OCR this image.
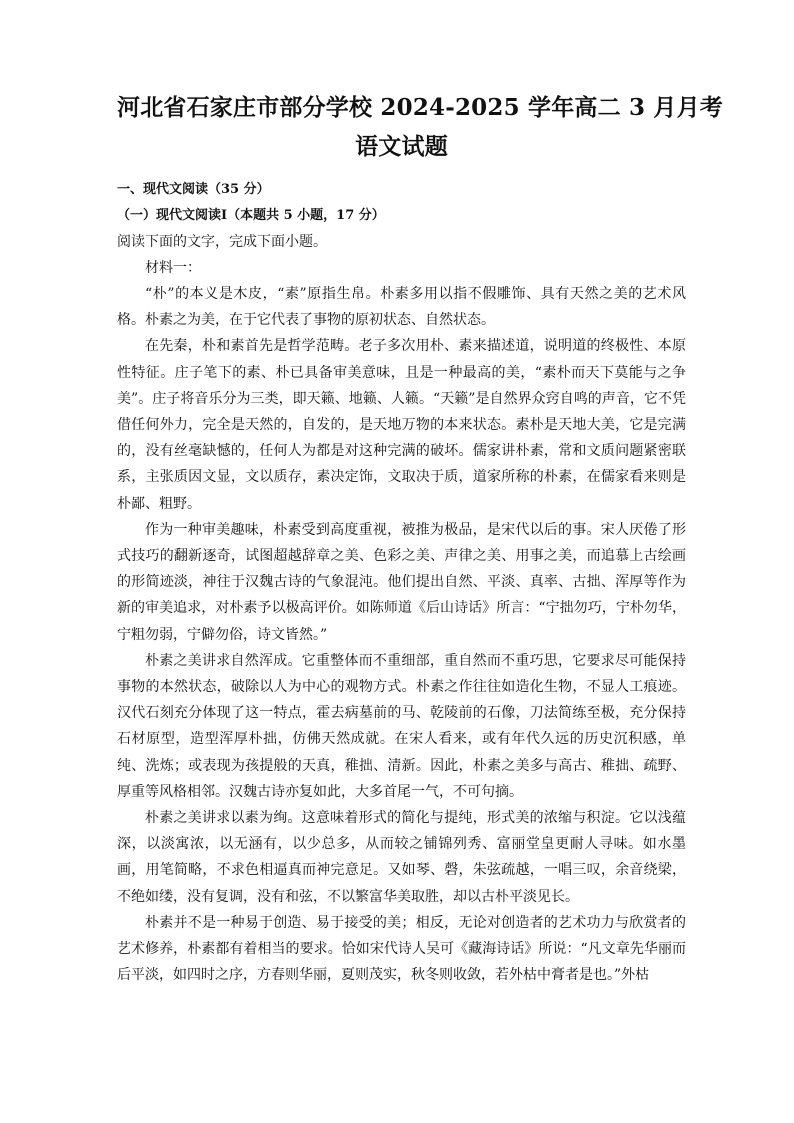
河北省石家庄市部分学校 2024-2025 学年高二 3 月月考
语文试题
一、现代文阅读（35 分）
（一）现代文阅读Ⅰ（本题共 5 小题，17 分）
阅读下面的文字，完成下面小题。
材料一：

“朴”的本义是木皮，“素”原指生帛。朴素多用以指不假雕饰、具有天然之美的艺术风格。朴素之为美，在于它代表了事物的原初状态、自然状态。

在先秦，朴和素首先是哲学范畴。老子多次用朴、素来描述道，说明道的终极性、本原性特征。庄子笔下的素、朴已具备审美意味，且是一种最高的美，“素朴而天下莫能与之争美”。庄子将音乐分为三类，即天籁、地籁、人籁。“天籁”是自然界众窍自鸣的声音，它不凭借任何外力，完全是天然的，自发的，是天地万物的本来状态。素朴是天地大美，它是完满的，没有丝毫缺憾的，任何人为都是对这种完满的破坏。儒家讲朴素，常和文质问题紧密联系，主张质因文显，文以质存，素决定饰，文取决于质，道家所称的朴素，在儒家看来则是朴鄙、粗野。

作为一种审美趣味，朴素受到高度重视，被推为极品，是宋代以后的事。宋人厌倦了形式技巧的翻新逐奇，试图超越辞章之美、色彩之美、声律之美、用事之美，而追慕上古绘画的形简迹淡，神往于汉魏古诗的气象混沌。他们提出自然、平淡、真率、古拙、浑厚等作为新的审美追求，对朴素予以极高评价。如陈师道《后山诗话》所言：“宁拙勿巧，宁朴勿华，宁粗勿弱，宁僻勿俗，诗文皆然。”

朴素之美讲求自然浑成。它重整体而不重细部，重自然而不重巧思，它要求尽可能保持事物的本然状态，破除以人为中心的观物方式。朴素之作往往如造化生物，不显人工痕迹。汉代石刻充分体现了这一特点，霍去病墓前的马、乾陵前的石像，刀法简练至极，充分保持石材原型，造型浑厚朴拙，仿佛天然成就。在宋人看来，或有年代久远的历史沉积感，单纯、洗炼；或表现为孩提般的天真，稚拙、清新。因此，朴素之美多与高古、稚拙、疏野、厚重等风格相邻。汉魏古诗亦复如此，大多首尾一气，不可句摘。

朴素之美讲求以素为绚。这意味着形式的简化与提纯，形式美的浓缩与积淀。它以浅蕴深，以淡寓浓，以无涵有，以少总多，从而较之铺锦列秀、富丽堂皇更耐人寻味。如水墨画，用笔简略，不求色相逼真而神完意足。又如琴、磬，朱弦疏越，一唱三叹，余音绕梁，不绝如缕，没有复调，没有和弦，不以繁富华美取胜，却以古朴平淡见长。

朴素并不是一种易于创造、易于接受的美；相反，无论对创造者的艺术功力与欣赏者的艺术修养，朴素都有着相当的要求。恰如宋代诗人吴可《藏海诗话》所说：“凡文章先华丽而后平淡，如四时之序，方春则华丽，夏则茂实，秋冬则收敛，若外枯中膏者是也。”外枯
